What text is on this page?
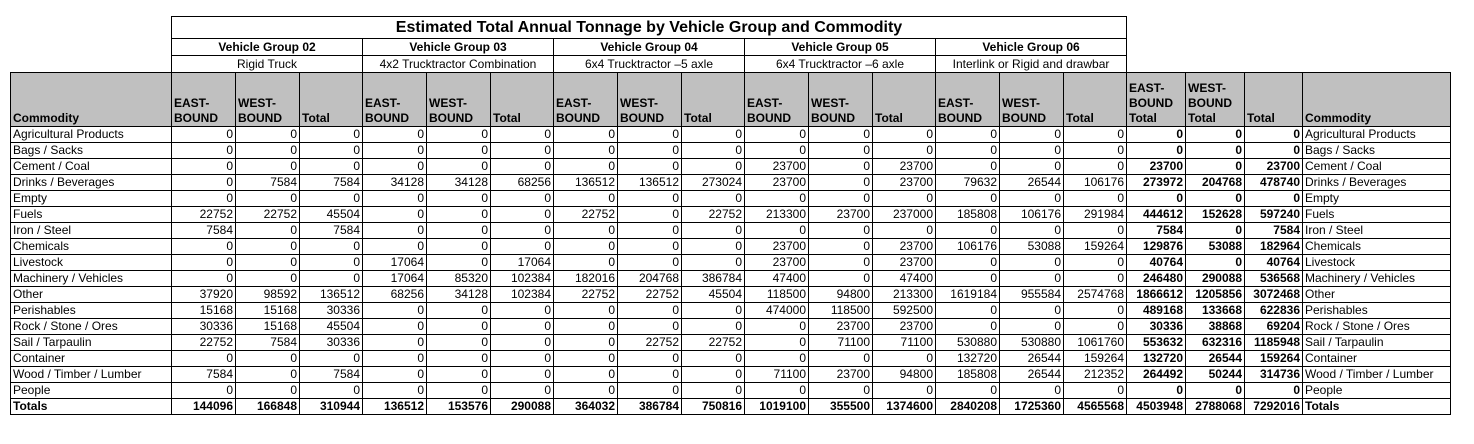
	Estimated Total Annual Tonnage by Vehicle Group and Commodity																		
	Vehicle Group 02			Vehicle Group 03			Vehicle Group 04			Vehicle Group 05			Vehicle Group 06						
	Rigid Truck			4x2 Trucktractor Combination			6x4 Trucktractor –5 axle			6x4 Trucktractor –6 axle			Interlink or Rigid and drawbar						
Commodity	EAST-BOUND	WEST-BOUND	Total	EAST-BOUND	WEST-BOUND	Total	EAST-BOUND	WEST-BOUND	Total	EAST-BOUND	WEST-BOUND	Total	EAST-BOUND	WEST-BOUND	Total	EAST-BOUND Total	WEST-BOUND Total	Total	Commodity
Agricultural Products	0	0	0	0	0	0	0	0	0	0	0	0	0	0	0	0	0	0	Agricultural Products
Bags / Sacks	0	0	0	0	0	0	0	0	0	0	0	0	0	0	0	0	0	0	Bags / Sacks
Cement / Coal	0	0	0	0	0	0	0	0	0	23700	0	23700	0	0	0	23700	0	23700	Cement / Coal
Drinks / Beverages	0	7584	7584	34128	34128	68256	136512	136512	273024	23700	0	23700	79632	26544	106176	273972	204768	478740	Drinks / Beverages
Empty	0	0	0	0	0	0	0	0	0	0	0	0	0	0	0	0	0	0	Empty
Fuels	22752	22752	45504	0	0	0	22752	0	22752	213300	23700	237000	185808	106176	291984	444612	152628	597240	Fuels
Iron / Steel	7584	0	7584	0	0	0	0	0	0	0	0	0	0	0	0	7584	0	7584	Iron / Steel
Chemicals	0	0	0	0	0	0	0	0	0	23700	0	23700	106176	53088	159264	129876	53088	182964	Chemicals
Livestock	0	0	0	17064	0	17064	0	0	0	23700	0	23700	0	0	0	40764	0	40764	Livestock
Machinery / Vehicles	0	0	0	17064	85320	102384	182016	204768	386784	47400	0	47400	0	0	0	246480	290088	536568	Machinery / Vehicles
Other	37920	98592	136512	68256	34128	102384	22752	22752	45504	118500	94800	213300	1619184	955584	2574768	1866612	1205856	3072468	Other
Perishables	15168	15168	30336	0	0	0	0	0	0	474000	118500	592500	0	0	0	489168	133668	622836	Perishables
Rock / Stone / Ores	30336	15168	45504	0	0	0	0	0	0	0	23700	23700	0	0	0	30336	38868	69204	Rock / Stone / Ores
Sail / Tarpaulin	22752	7584	30336	0	0	0	0	22752	22752	0	71100	71100	530880	530880	1061760	553632	632316	1185948	Sail / Tarpaulin
Container	0	0	0	0	0	0	0	0	0	0	0	0	132720	26544	159264	132720	26544	159264	Container
Wood / Timber / Lumber	7584	0	7584	0	0	0	0	0	0	71100	23700	94800	185808	26544	212352	264492	50244	314736	Wood / Timber / Lumber
People	0	0	0	0	0	0	0	0	0	0	0	0	0	0	0	0	0	0	People
Totals	144096	166848	310944	136512	153576	290088	364032	386784	750816	1019100	355500	1374600	2840208	1725360	4565568	4503948	2788068	7292016	Totals
